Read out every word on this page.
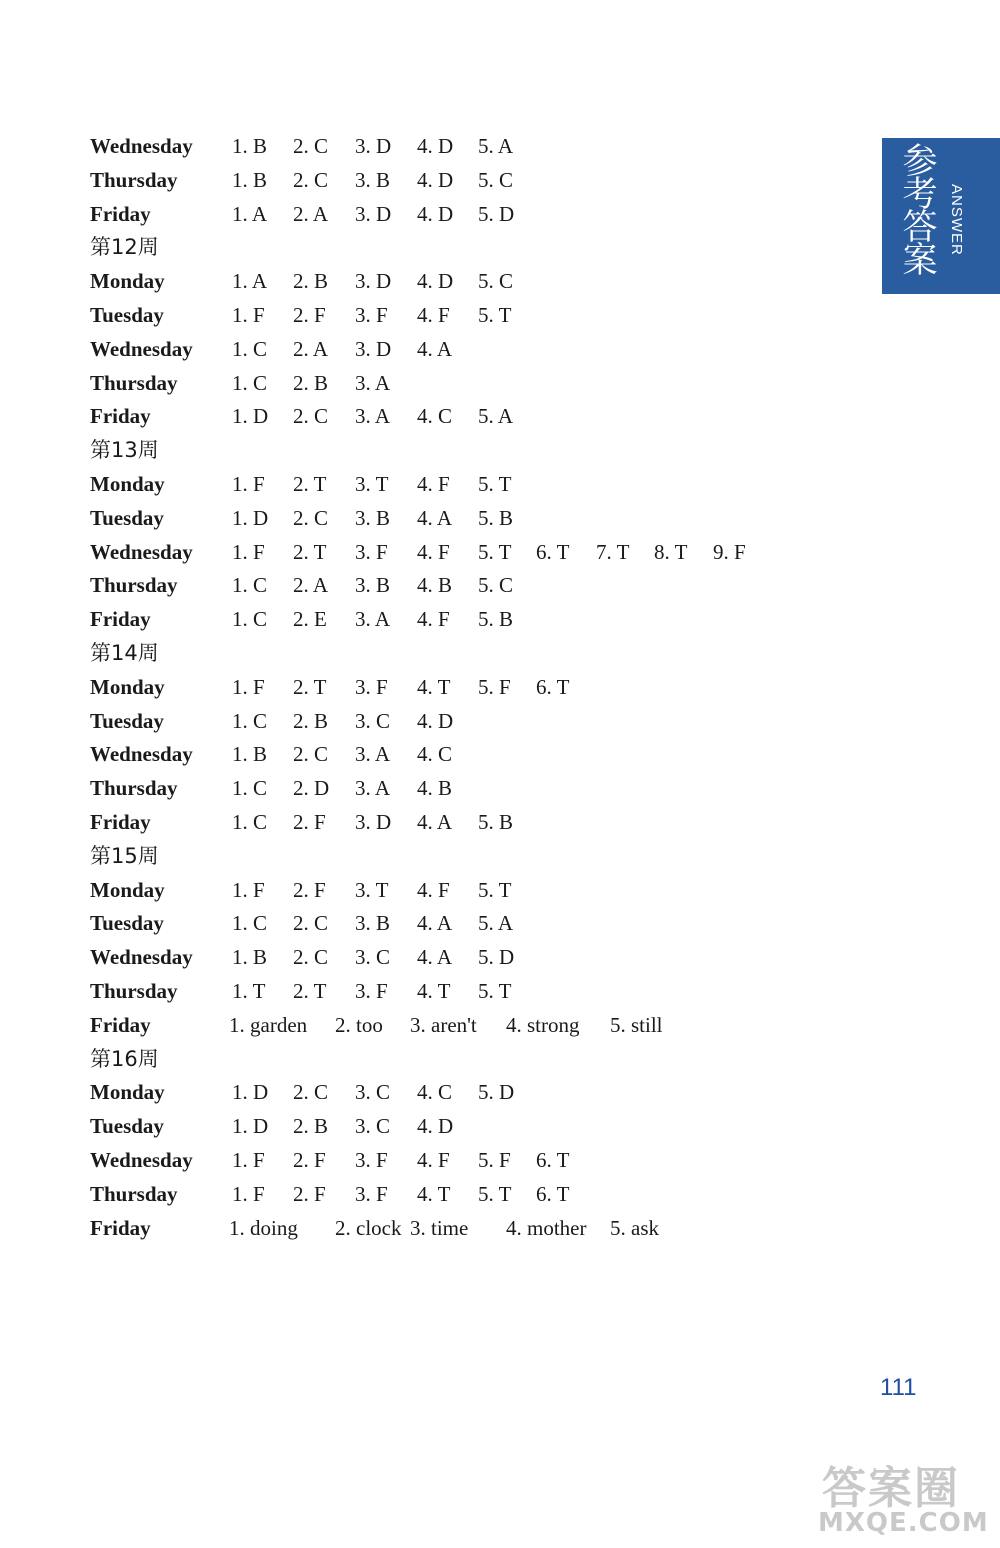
Wednesday 1. B 2. C 3. D 4. D 5. A
Thursday	1. B 2. C 3. B 4. D 5. C
Friday	1. A 2. A 3. D 4. D 5. D
第12周
Monday	1. A 2. B 3. D 4. D 5. C
Tuesday	1. F 2. F 3. F 4. F 5. T
Wednesday 1. C 2. A 3. D 4. A
Thursday	1. C 2. B 3. A
Friday	1. D 2. C 3. A 4. C 5. A
第13周
Monday	1. F 2. T 3. T 4. F 5. T
Tuesday	1. D 2. C 3. B 4. A 5. B
Wednesday 1. F 2. T 3. F 4. F 5. T 6. T 7. T 8. T 9. F
Thursday	1. C 2. A 3. B 4. B 5. C
Friday	1. C 2. E 3. A 4. F 5. B
第14周
Monday	1. F 2. T 3. F 4. T 5. F 6. T
Tuesday	1. C 2. B 3. C 4. D
Wednesday 1. B 2. C 3. A 4. C
Thursday	1. C 2. D 3. A 4. B
Friday	1. C 2. F 3. D 4. A 5. B
第15周
Monday	1. F 2. F 3. T 4. F 5. T
Tuesday	1. C 2. C 3. B 4. A 5. A
Wednesday 1. B 2. C 3. C 4. A 5. D
Thursday	1. T 2. T 3. F 4. T 5. T
Friday	1. garden 2. too 3. aren't 4. strong 5. still
第16周
Monday	1. D 2. C 3. C 4. C 5. D
Tuesday	1. D 2. B 3. C 4. D
Wednesday 1. F 2. F 3. F 4. F 5. F 6. T
Thursday	1. F 2. F 3. F 4. T 5. T 6. T
Friday	1. doing 2. clock 3. time 4. mother 5. ask
参考答案 ANSWER
111
答案圈
MXQE.COM
